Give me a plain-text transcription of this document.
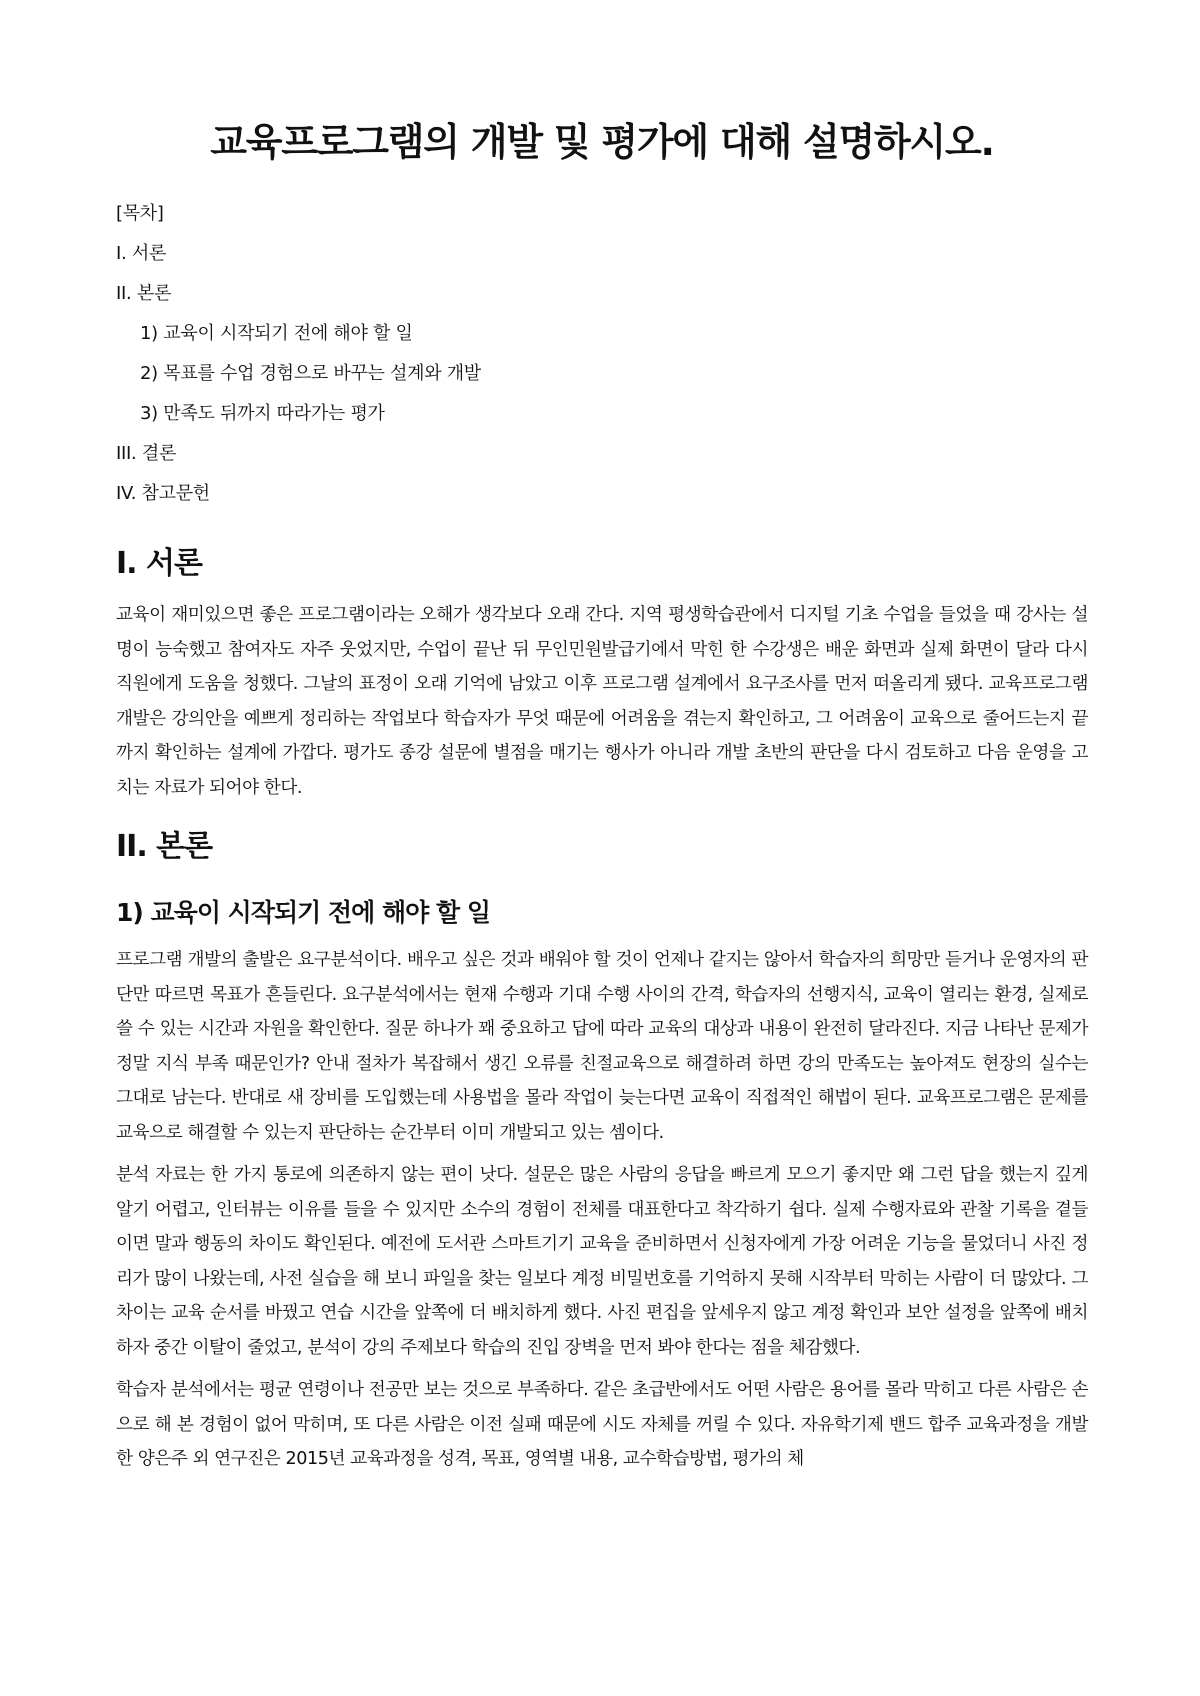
교육프로그램의 개발 및 평가에 대해 설명하시오.
[목차]
I. 서론
II. 본론
1) 교육이 시작되기 전에 해야 할 일
2) 목표를 수업 경험으로 바꾸는 설계와 개발
3) 만족도 뒤까지 따라가는 평가
III. 결론
IV. 참고문헌
I. 서론

교육이 재미있으면 좋은 프로그램이라는 오해가 생각보다 오래 간다. 지역 평생학습관에서 디지털 기초 수업을 들었을 때 강사는 설명이 능숙했고 참여자도 자주 웃었지만, 수업이 끝난 뒤 무인민원발급기에서 막힌 한 수강생은 배운 화면과 실제 화면이 달라 다시 직원에게 도움을 청했다. 그날의 표정이 오래 기억에 남았고 이후 프로그램 설계에서 요구조사를 먼저 떠올리게 됐다. 교육프로그램 개발은 강의안을 예쁘게 정리하는 작업보다 학습자가 무엇 때문에 어려움을 겪는지 확인하고, 그 어려움이 교육으로 줄어드는지 끝까지 확인하는 설계에 가깝다. 평가도 종강 설문에 별점을 매기는 행사가 아니라 개발 초반의 판단을 다시 검토하고 다음 운영을 고치는 자료가 되어야 한다.

II. 본론
1) 교육이 시작되기 전에 해야 할 일

프로그램 개발의 출발은 요구분석이다. 배우고 싶은 것과 배워야 할 것이 언제나 같지는 않아서 학습자의 희망만 듣거나 운영자의 판단만 따르면 목표가 흔들린다. 요구분석에서는 현재 수행과 기대 수행 사이의 간격, 학습자의 선행지식, 교육이 열리는 환경, 실제로 쓸 수 있는 시간과 자원을 확인한다. 질문 하나가 꽤 중요하고 답에 따라 교육의 대상과 내용이 완전히 달라진다. 지금 나타난 문제가 정말 지식 부족 때문인가? 안내 절차가 복잡해서 생긴 오류를 친절교육으로 해결하려 하면 강의 만족도는 높아져도 현장의 실수는 그대로 남는다. 반대로 새 장비를 도입했는데 사용법을 몰라 작업이 늦는다면 교육이 직접적인 해법이 된다. 교육프로그램은 문제를 교육으로 해결할 수 있는지 판단하는 순간부터 이미 개발되고 있는 셈이다.

분석 자료는 한 가지 통로에 의존하지 않는 편이 낫다. 설문은 많은 사람의 응답을 빠르게 모으기 좋지만 왜 그런 답을 했는지 깊게 알기 어렵고, 인터뷰는 이유를 들을 수 있지만 소수의 경험이 전체를 대표한다고 착각하기 쉽다. 실제 수행자료와 관찰 기록을 곁들이면 말과 행동의 차이도 확인된다. 예전에 도서관 스마트기기 교육을 준비하면서 신청자에게 가장 어려운 기능을 물었더니 사진 정리가 많이 나왔는데, 사전 실습을 해 보니 파일을 찾는 일보다 계정 비밀번호를 기억하지 못해 시작부터 막히는 사람이 더 많았다. 그 차이는 교육 순서를 바꿨고 연습 시간을 앞쪽에 더 배치하게 했다. 사진 편집을 앞세우지 않고 계정 확인과 보안 설정을 앞쪽에 배치하자 중간 이탈이 줄었고, 분석이 강의 주제보다 학습의 진입 장벽을 먼저 봐야 한다는 점을 체감했다.

학습자 분석에서는 평균 연령이나 전공만 보는 것으로 부족하다. 같은 초급반에서도 어떤 사람은 용어를 몰라 막히고 다른 사람은 손으로 해 본 경험이 없어 막히며, 또 다른 사람은 이전 실패 때문에 시도 자체를 꺼릴 수 있다. 자유학기제 밴드 합주 교육과정을 개발한 양은주 외 연구진은 2015년 교육과정을 성격, 목표, 영역별 내용, 교수학습방법, 평가의 체
